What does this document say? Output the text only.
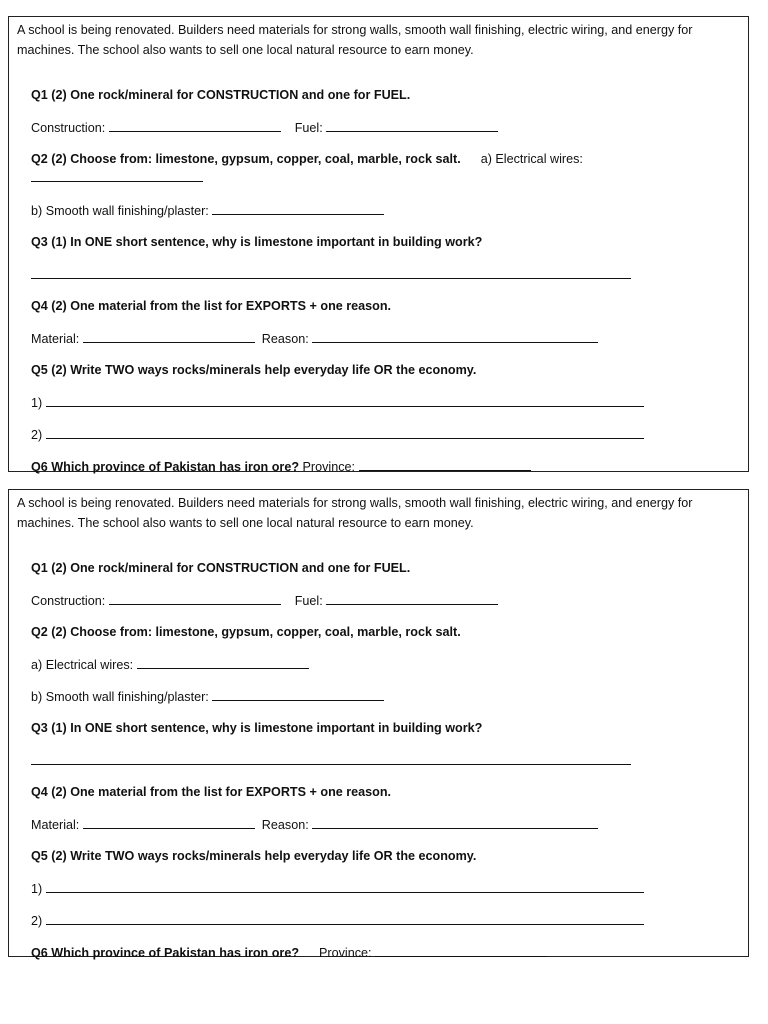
A school is being renovated. Builders need materials for strong walls, smooth wall finishing, electric wiring, and energy for machines. The school also wants to sell one local natural resource to earn money.

Q1 (2) One rock/mineral for CONSTRUCTION and one for FUEL.

Construction:	Fuel:

Q2 (2) Choose from: limestone, gypsum, copper, coal, marble, rock salt. a) Electrical wires:

b) Smooth wall finishing/plaster:

Q3 (1) In ONE short sentence, why is limestone important in building work?

Q4 (2) One material from the list for EXPORTS + one reason.

Material:	Reason:

Q5 (2) Write TWO ways rocks/minerals help everyday life OR the economy.

1)

2)

Q6 Which province of Pakistan has iron ore? Province:

A school is being renovated. Builders need materials for strong walls, smooth wall finishing, electric wiring, and energy for machines. The school also wants to sell one local natural resource to earn money.

Q1 (2) One rock/mineral for CONSTRUCTION and one for FUEL.

Construction:	Fuel:

Q2 (2) Choose from: limestone, gypsum, copper, coal, marble, rock salt.

a) Electrical wires:

b) Smooth wall finishing/plaster:

Q3 (1) In ONE short sentence, why is limestone important in building work?

Q4 (2) One material from the list for EXPORTS + one reason.

Material:	Reason:

Q5 (2) Write TWO ways rocks/minerals help everyday life OR the economy.

1)

2)

Q6 Which province of Pakistan has iron ore? Province:
